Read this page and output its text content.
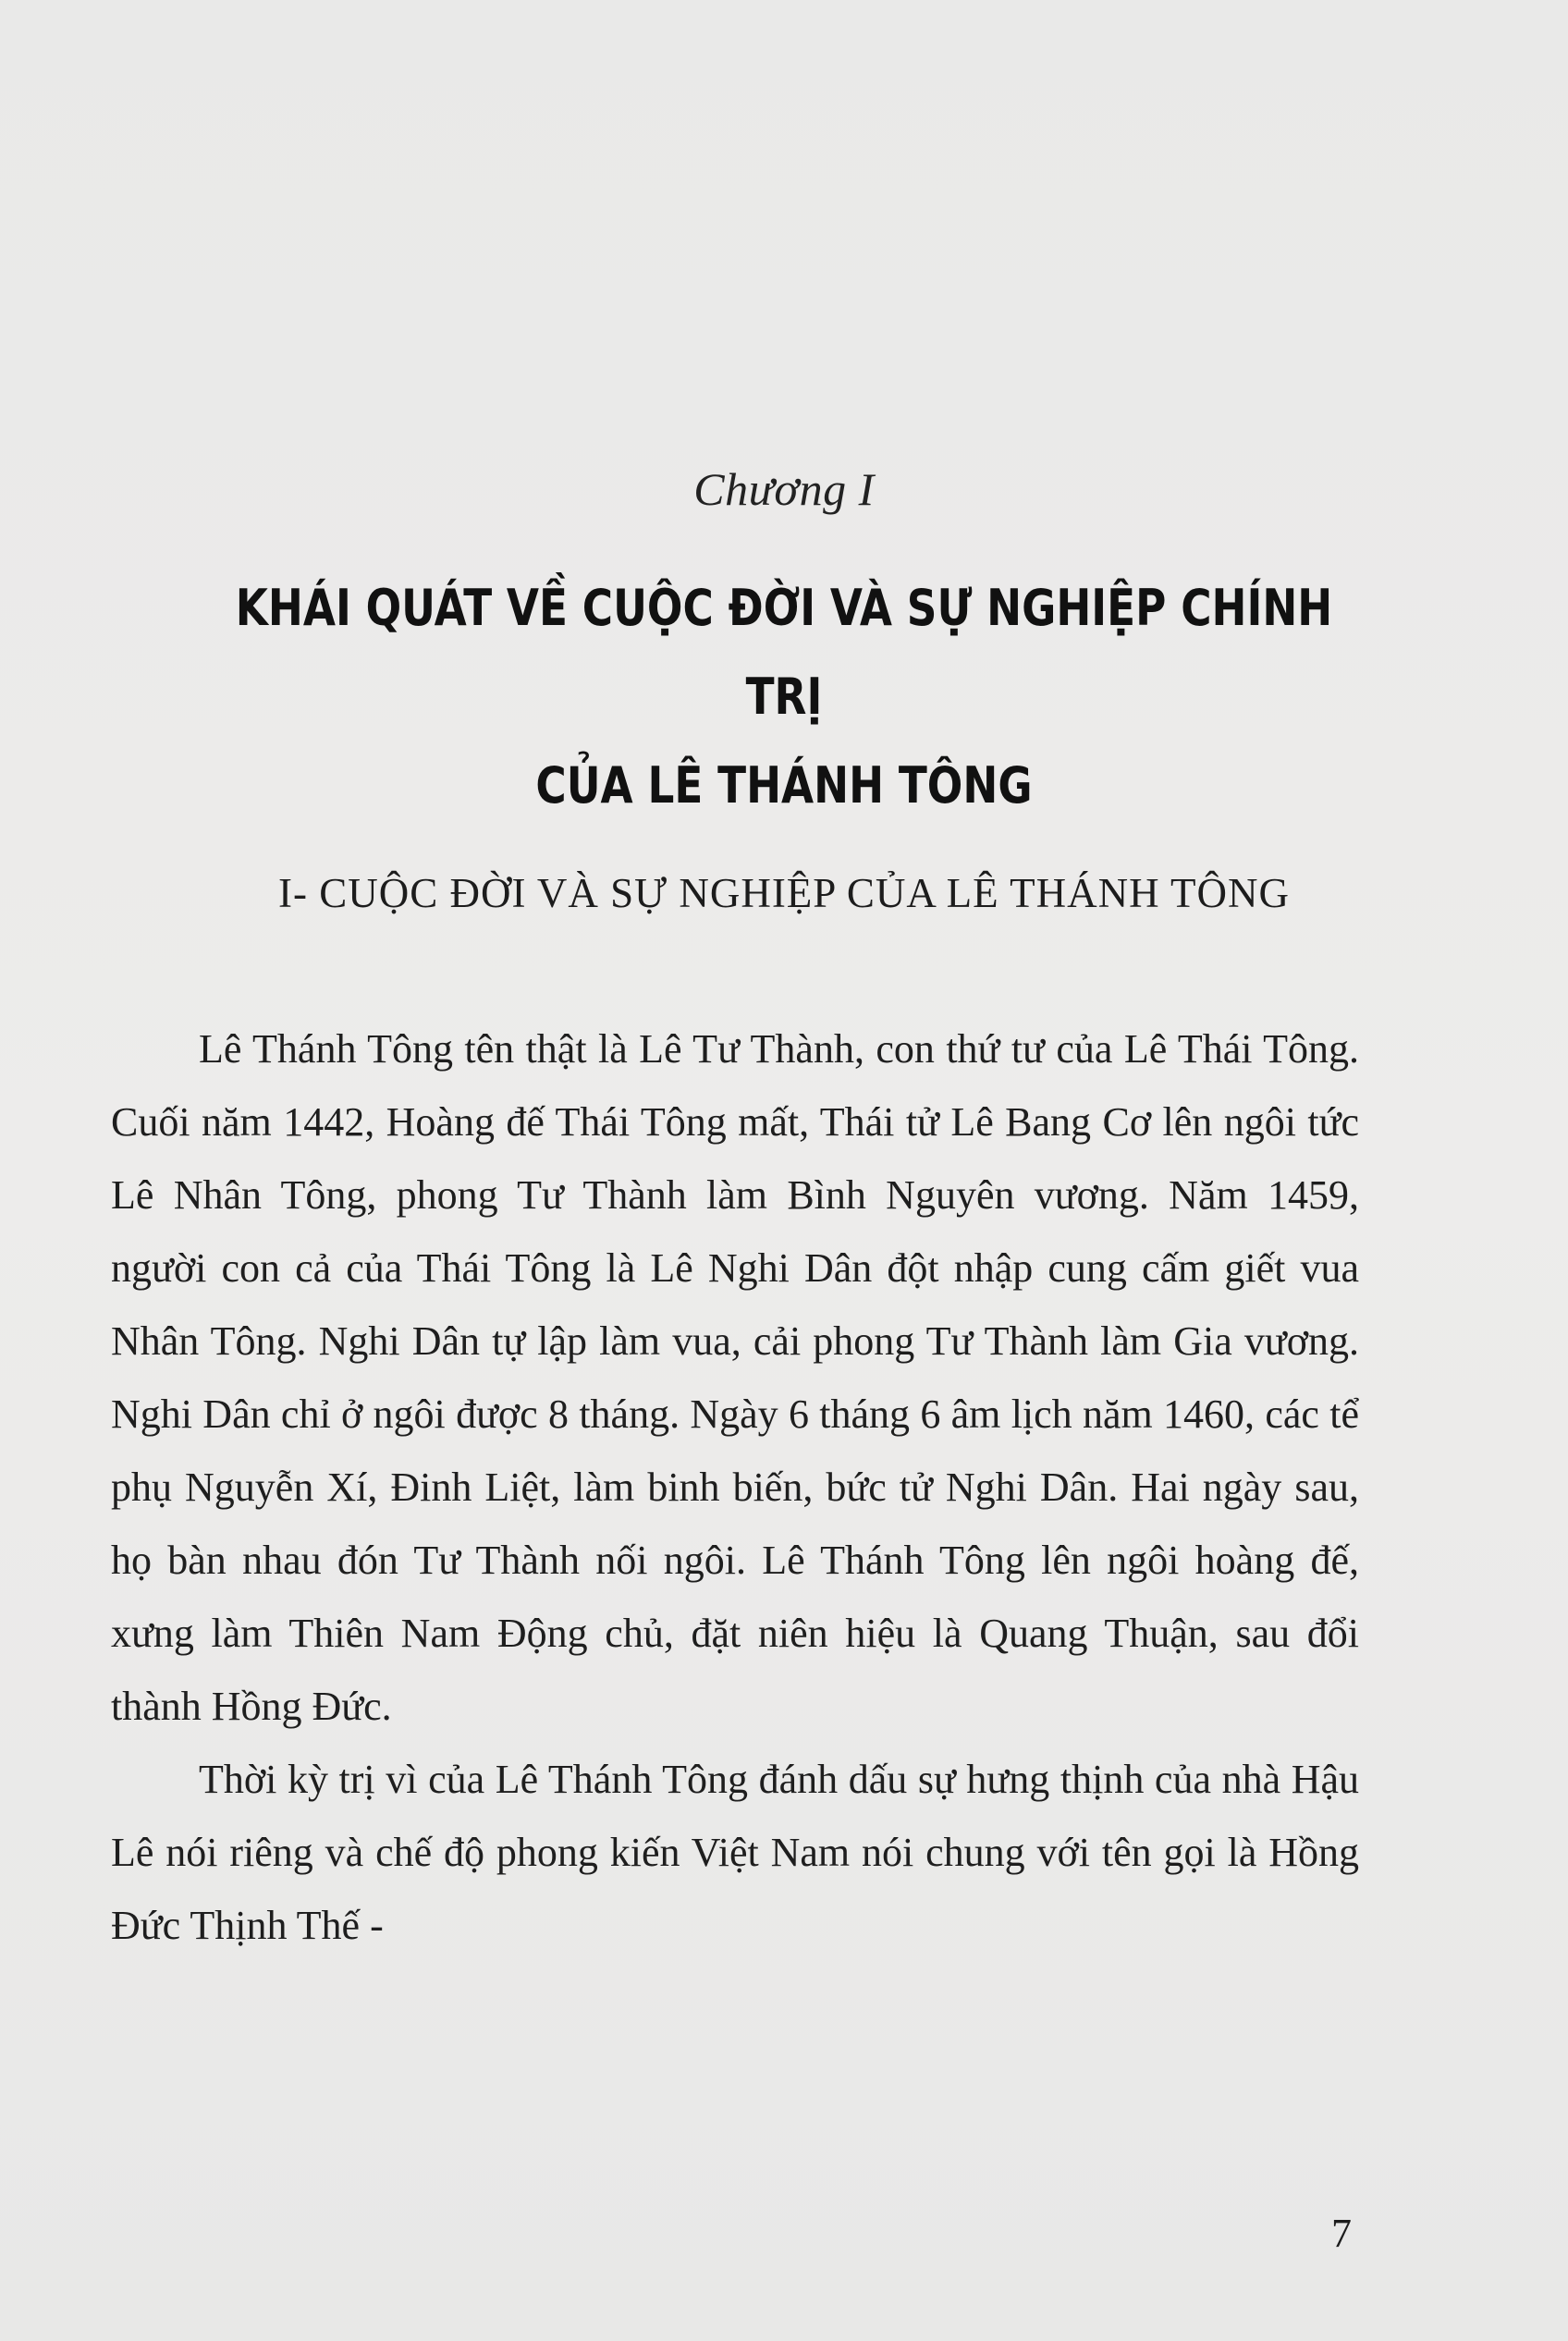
Chương I
KHÁI QUÁT VỀ CUỘC ĐỜI VÀ SỰ NGHIỆP CHÍNH TRỊ
CỦA LÊ THÁNH TÔNG
I- CUỘC ĐỜI VÀ SỰ NGHIỆP CỦA LÊ THÁNH TÔNG

Lê Thánh Tông tên thật là Lê Tư Thành, con thứ tư của Lê Thái Tông. Cuối năm 1442, Hoàng đế Thái Tông mất, Thái tử Lê Bang Cơ lên ngôi tức Lê Nhân Tông, phong Tư Thành làm Bình Nguyên vương. Năm 1459, người con cả của Thái Tông là Lê Nghi Dân đột nhập cung cấm giết vua Nhân Tông. Nghi Dân tự lập làm vua, cải phong Tư Thành làm Gia vương. Nghi Dân chỉ ở ngôi được 8 tháng. Ngày 6 tháng 6 âm lịch năm 1460, các tể phụ Nguyễn Xí, Đinh Liệt, làm binh biến, bức tử Nghi Dân. Hai ngày sau, họ bàn nhau đón Tư Thành nối ngôi. Lê Thánh Tông lên ngôi hoàng đế, xưng làm Thiên Nam Động chủ, đặt niên hiệu là Quang Thuận, sau đổi thành Hồng Đức.

Thời kỳ trị vì của Lê Thánh Tông đánh dấu sự hưng thịnh của nhà Hậu Lê nói riêng và chế độ phong kiến Việt Nam nói chung với tên gọi là Hồng Đức Thịnh Thế -

7
